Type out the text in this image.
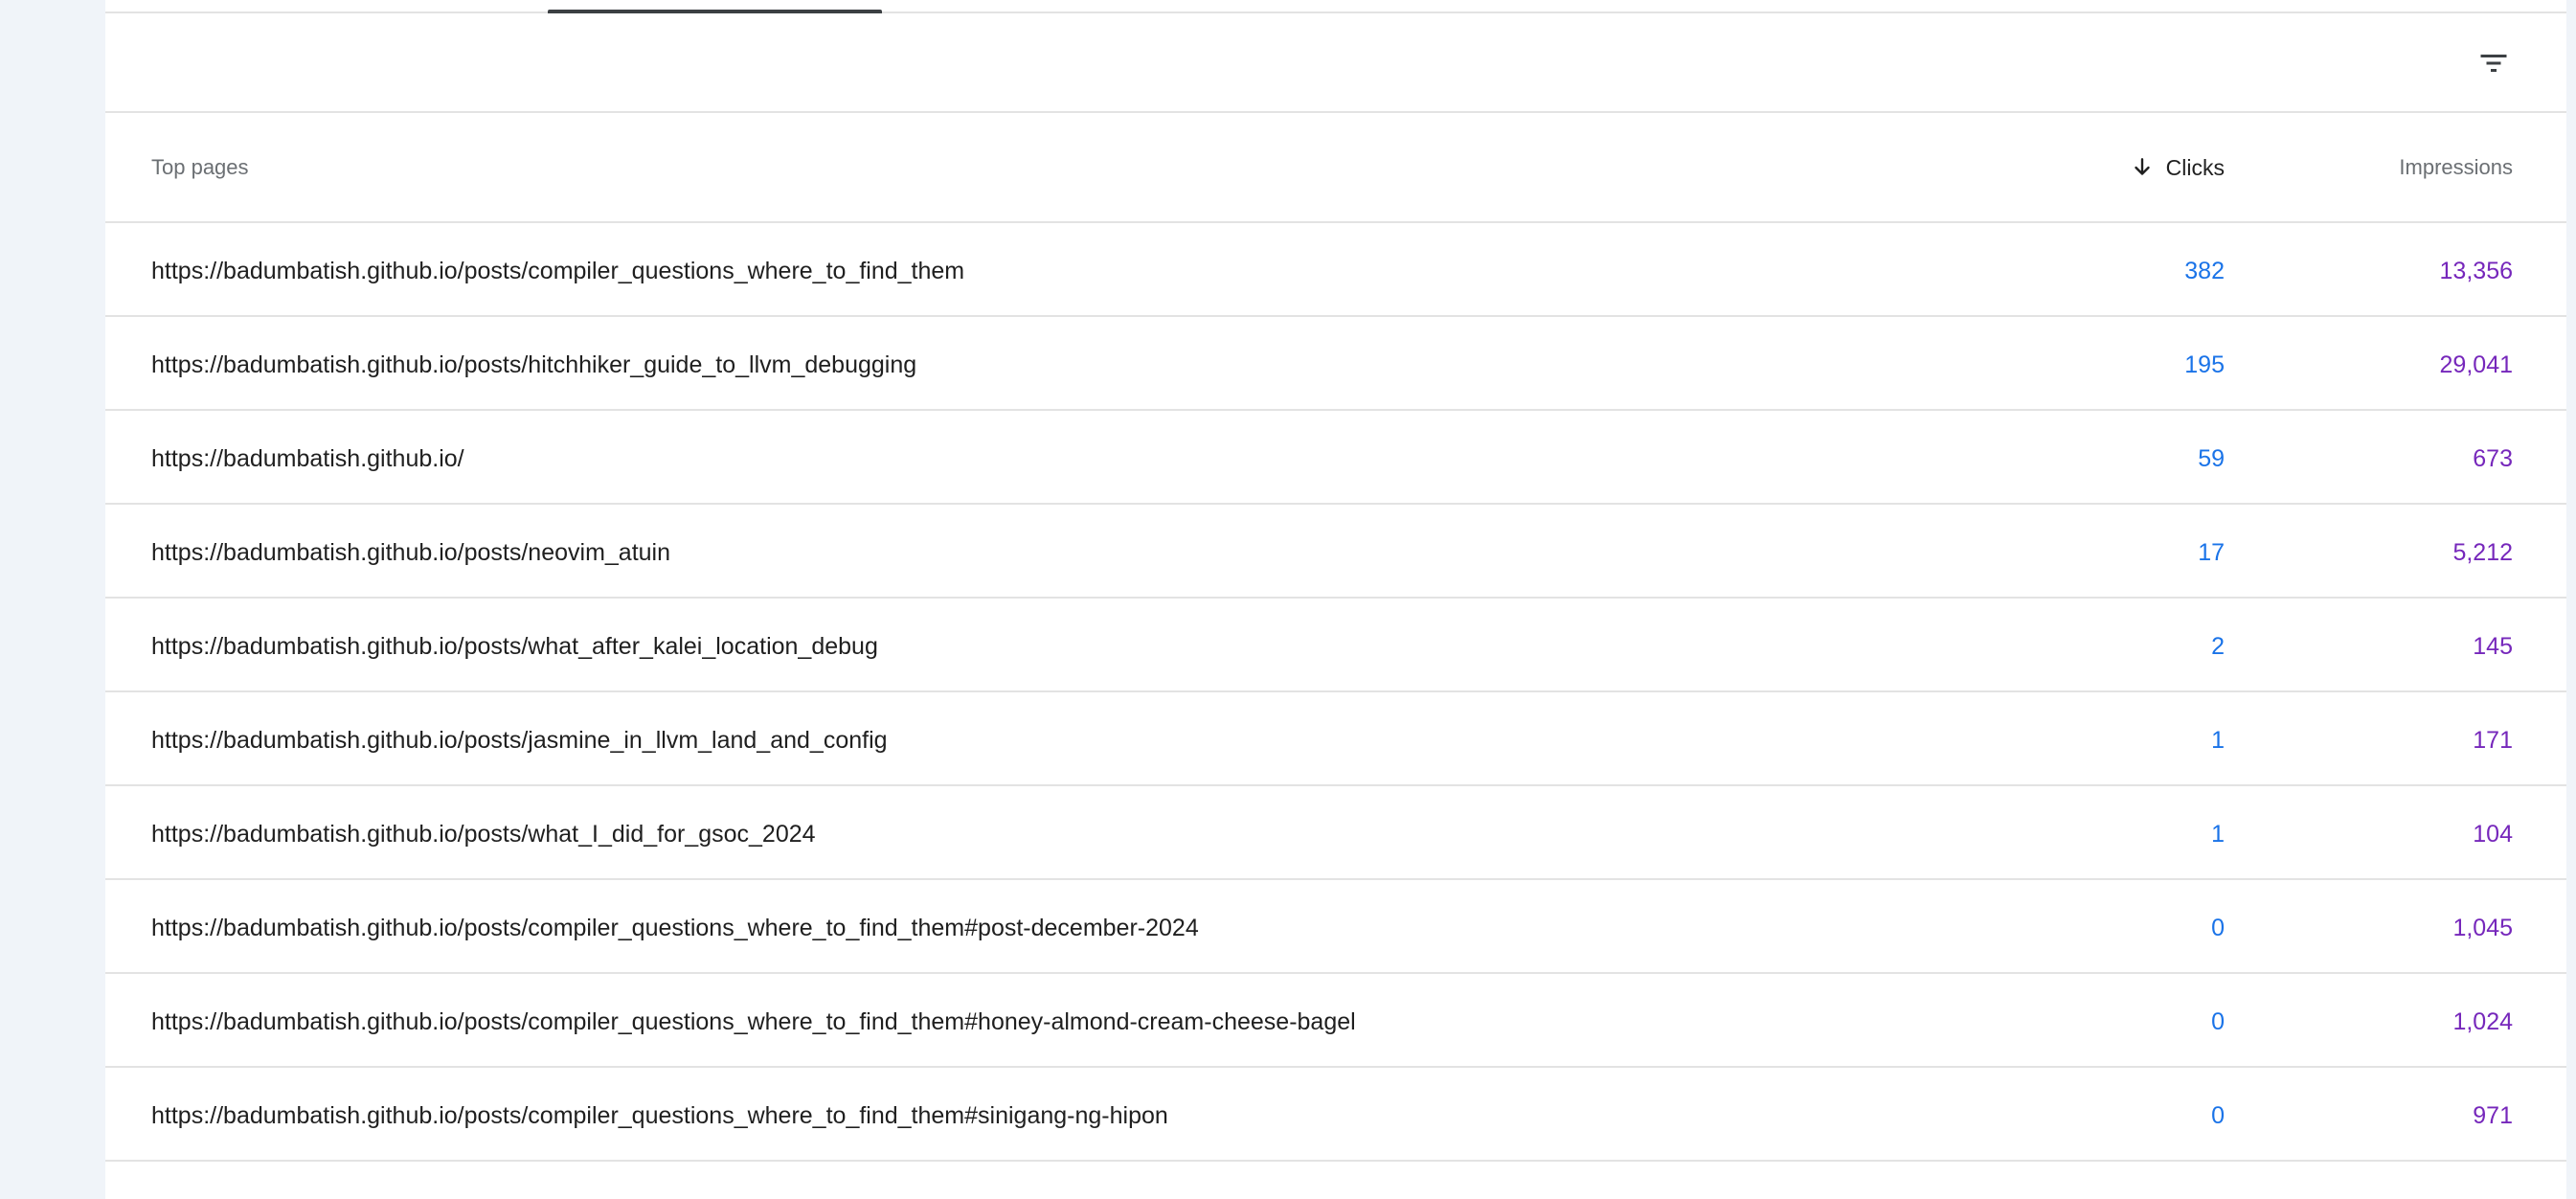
Top pages	Clicks	Impressions
https://badumbatish.github.io/posts/compiler_questions_where_to_find_them	382	13,356
https://badumbatish.github.io/posts/hitchhiker_guide_to_llvm_debugging	195	29,041
https://badumbatish.github.io/	59	673
https://badumbatish.github.io/posts/neovim_atuin	17	5,212
https://badumbatish.github.io/posts/what_after_kalei_location_debug	2	145
https://badumbatish.github.io/posts/jasmine_in_llvm_land_and_config	1	171
https://badumbatish.github.io/posts/what_I_did_for_gsoc_2024	1	104
https://badumbatish.github.io/posts/compiler_questions_where_to_find_them#post-december-2024	0	1,045
https://badumbatish.github.io/posts/compiler_questions_where_to_find_them#honey-almond-cream-cheese-bagel	0	1,024
https://badumbatish.github.io/posts/compiler_questions_where_to_find_them#sinigang-ng-hipon	0	971
